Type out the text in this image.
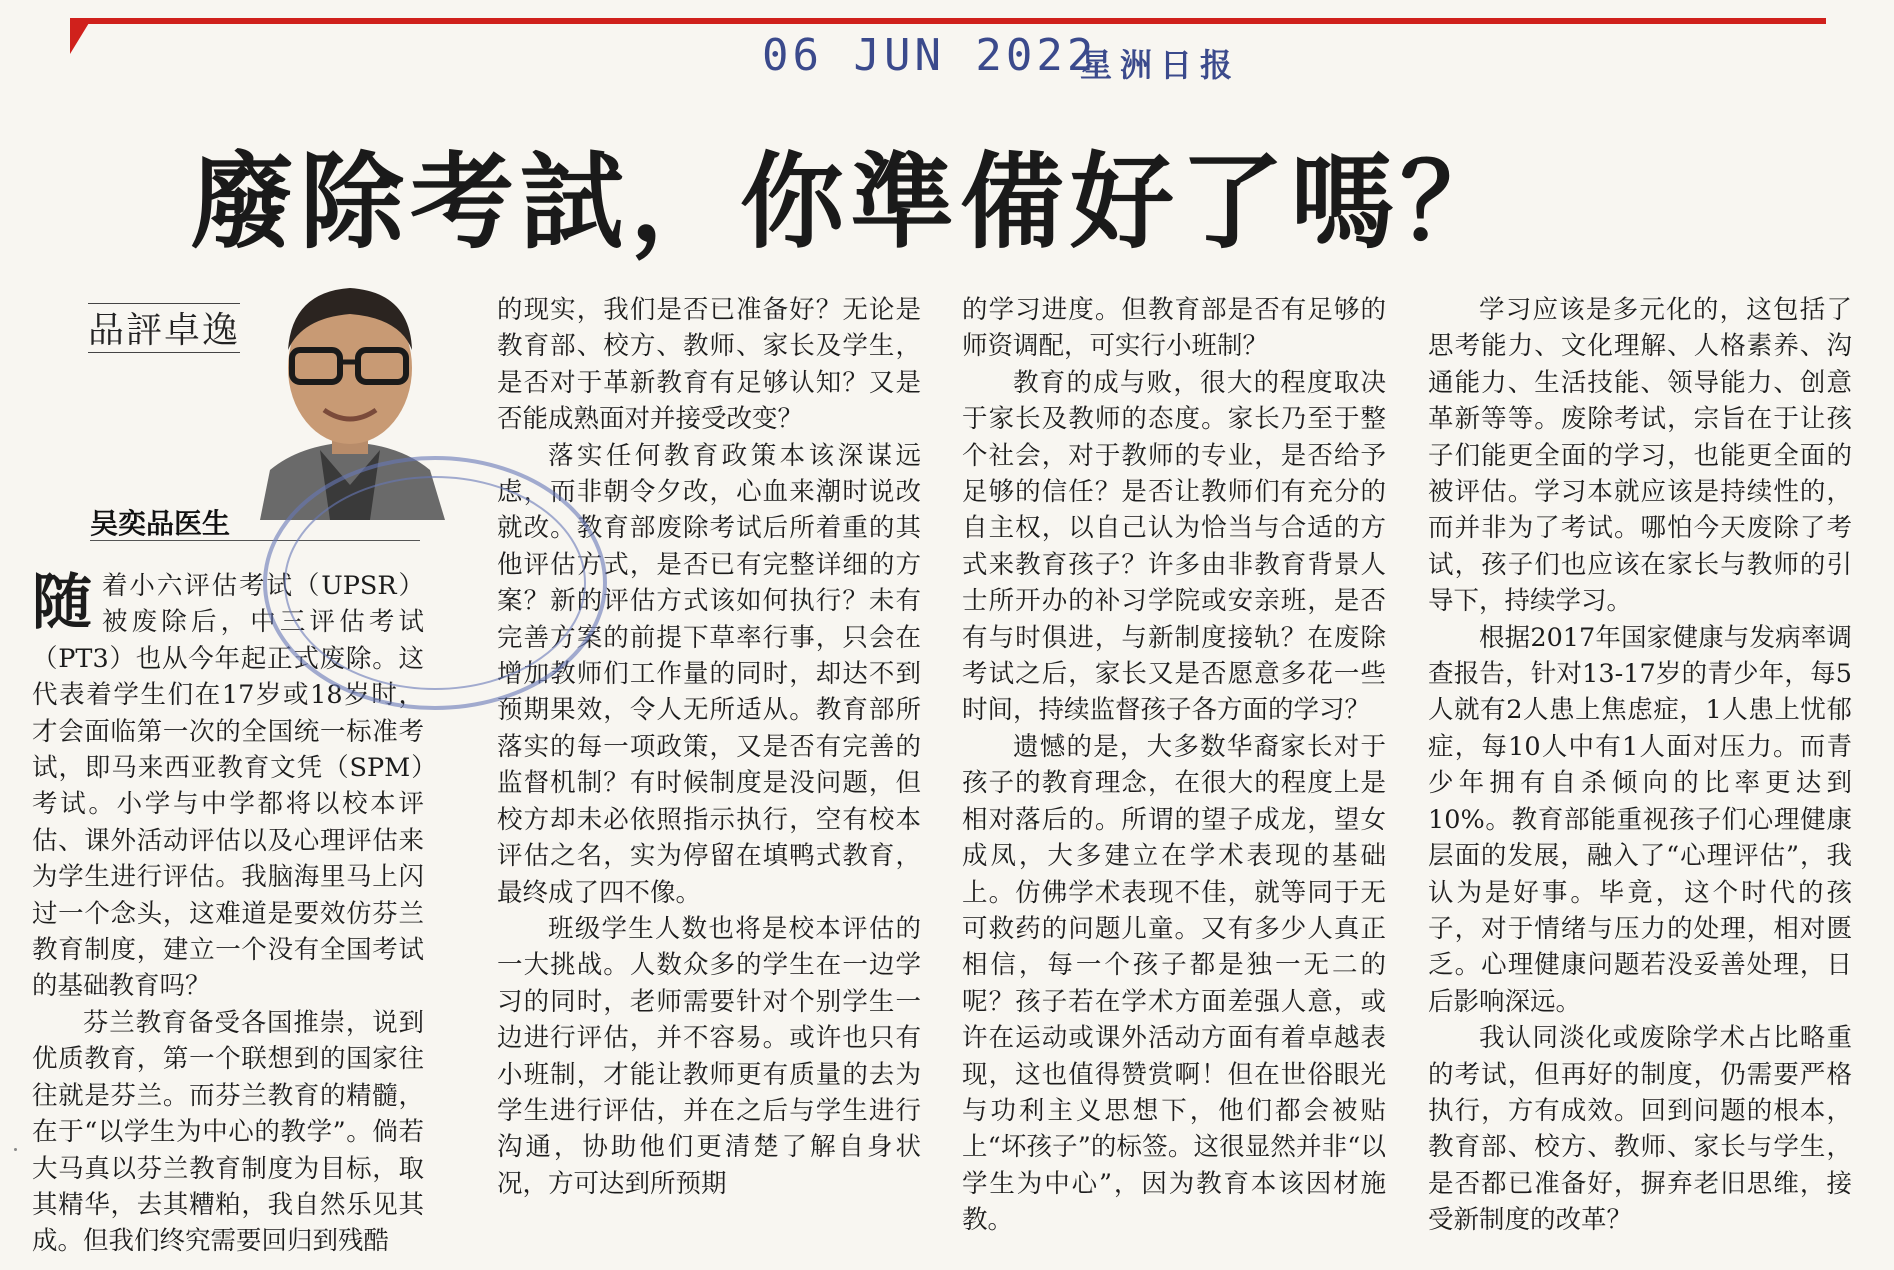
06 JUN 2022
星洲日报
廢除考試，你準備好了嗎？
品評卓逸
吴奕品医生

随着小六评估考试（UPSR）被废除后，中三评估考试（PT3）也从今年起正式废除。这代表着学生们在17岁或18岁时，才会面临第一次的全国统一标准考试，即马来西亚教育文凭（SPM）考试。小学与中学都将以校本评估、课外活动评估以及心理评估来为学生进行评估。我脑海里马上闪过一个念头，这难道是要效仿芬兰教育制度，建立一个没有全国考试的基础教育吗？

芬兰教育备受各国推崇，说到优质教育，第一个联想到的国家往往就是芬兰。而芬兰教育的精髓，在于“以学生为中心的教学”。倘若大马真以芬兰教育制度为目标，取其精华，去其糟粕，我自然乐见其成。但我们终究需要回归到残酷

的现实，我们是否已准备好？无论是教育部、校方、教师、家长及学生，是否对于革新教育有足够认知？又是否能成熟面对并接受改变？

落实任何教育政策本该深谋远虑，而非朝令夕改，心血来潮时说改就改。教育部废除考试后所着重的其他评估方式，是否已有完整详细的方案？新的评估方式该如何执行？未有完善方案的前提下草率行事，只会在增加教师们工作量的同时，却达不到预期果效，令人无所适从。教育部所落实的每一项政策，又是否有完善的监督机制？有时候制度是没问题，但校方却未必依照指示执行，空有校本评估之名，实为停留在填鸭式教育，最终成了四不像。

班级学生人数也将是校本评估的一大挑战。人数众多的学生在一边学习的同时，老师需要针对个别学生一边进行评估，并不容易。或许也只有小班制，才能让教师更有质量的去为学生进行评估，并在之后与学生进行沟通，协助他们更清楚了解自身状况，方可达到所预期

的学习进度。但教育部是否有足够的师资调配，可实行小班制？

教育的成与败，很大的程度取决于家长及教师的态度。家长乃至于整个社会，对于教师的专业，是否给予足够的信任？是否让教师们有充分的自主权，以自己认为恰当与合适的方式来教育孩子？许多由非教育背景人士所开办的补习学院或安亲班，是否有与时俱进，与新制度接轨？在废除考试之后，家长又是否愿意多花一些时间，持续监督孩子各方面的学习？

遗憾的是，大多数华裔家长对于孩子的教育理念，在很大的程度上是相对落后的。所谓的望子成龙，望女成凤，大多建立在学术表现的基础上。仿佛学术表现不佳，就等同于无可救药的问题儿童。又有多少人真正相信，每一个孩子都是独一无二的呢？孩子若在学术方面差强人意，或许在运动或课外活动方面有着卓越表现，这也值得赞赏啊！但在世俗眼光与功利主义思想下，他们都会被贴上“坏孩子”的标签。这很显然并非“以学生为中心”，因为教育本该因材施教。

学习应该是多元化的，这包括了思考能力、文化理解、人格素养、沟通能力、生活技能、领导能力、创意革新等等。废除考试，宗旨在于让孩子们能更全面的学习，也能更全面的被评估。学习本就应该是持续性的，而并非为了考试。哪怕今天废除了考试，孩子们也应该在家长与教师的引导下，持续学习。

根据2017年国家健康与发病率调查报告，针对13-17岁的青少年，每5人就有2人患上焦虑症，1人患上忧郁症，每10人中有1人面对压力。而青少年拥有自杀倾向的比率更达到10%。教育部能重视孩子们心理健康层面的发展，融入了“心理评估”，我认为是好事。毕竟，这个时代的孩子，对于情绪与压力的处理，相对匮乏。心理健康问题若没妥善处理，日后影响深远。

我认同淡化或废除学术占比略重的考试，但再好的制度，仍需要严格执行，方有成效。回到问题的根本，教育部、校方、教师、家长与学生，是否都已准备好，摒弃老旧思维，接受新制度的改革？
